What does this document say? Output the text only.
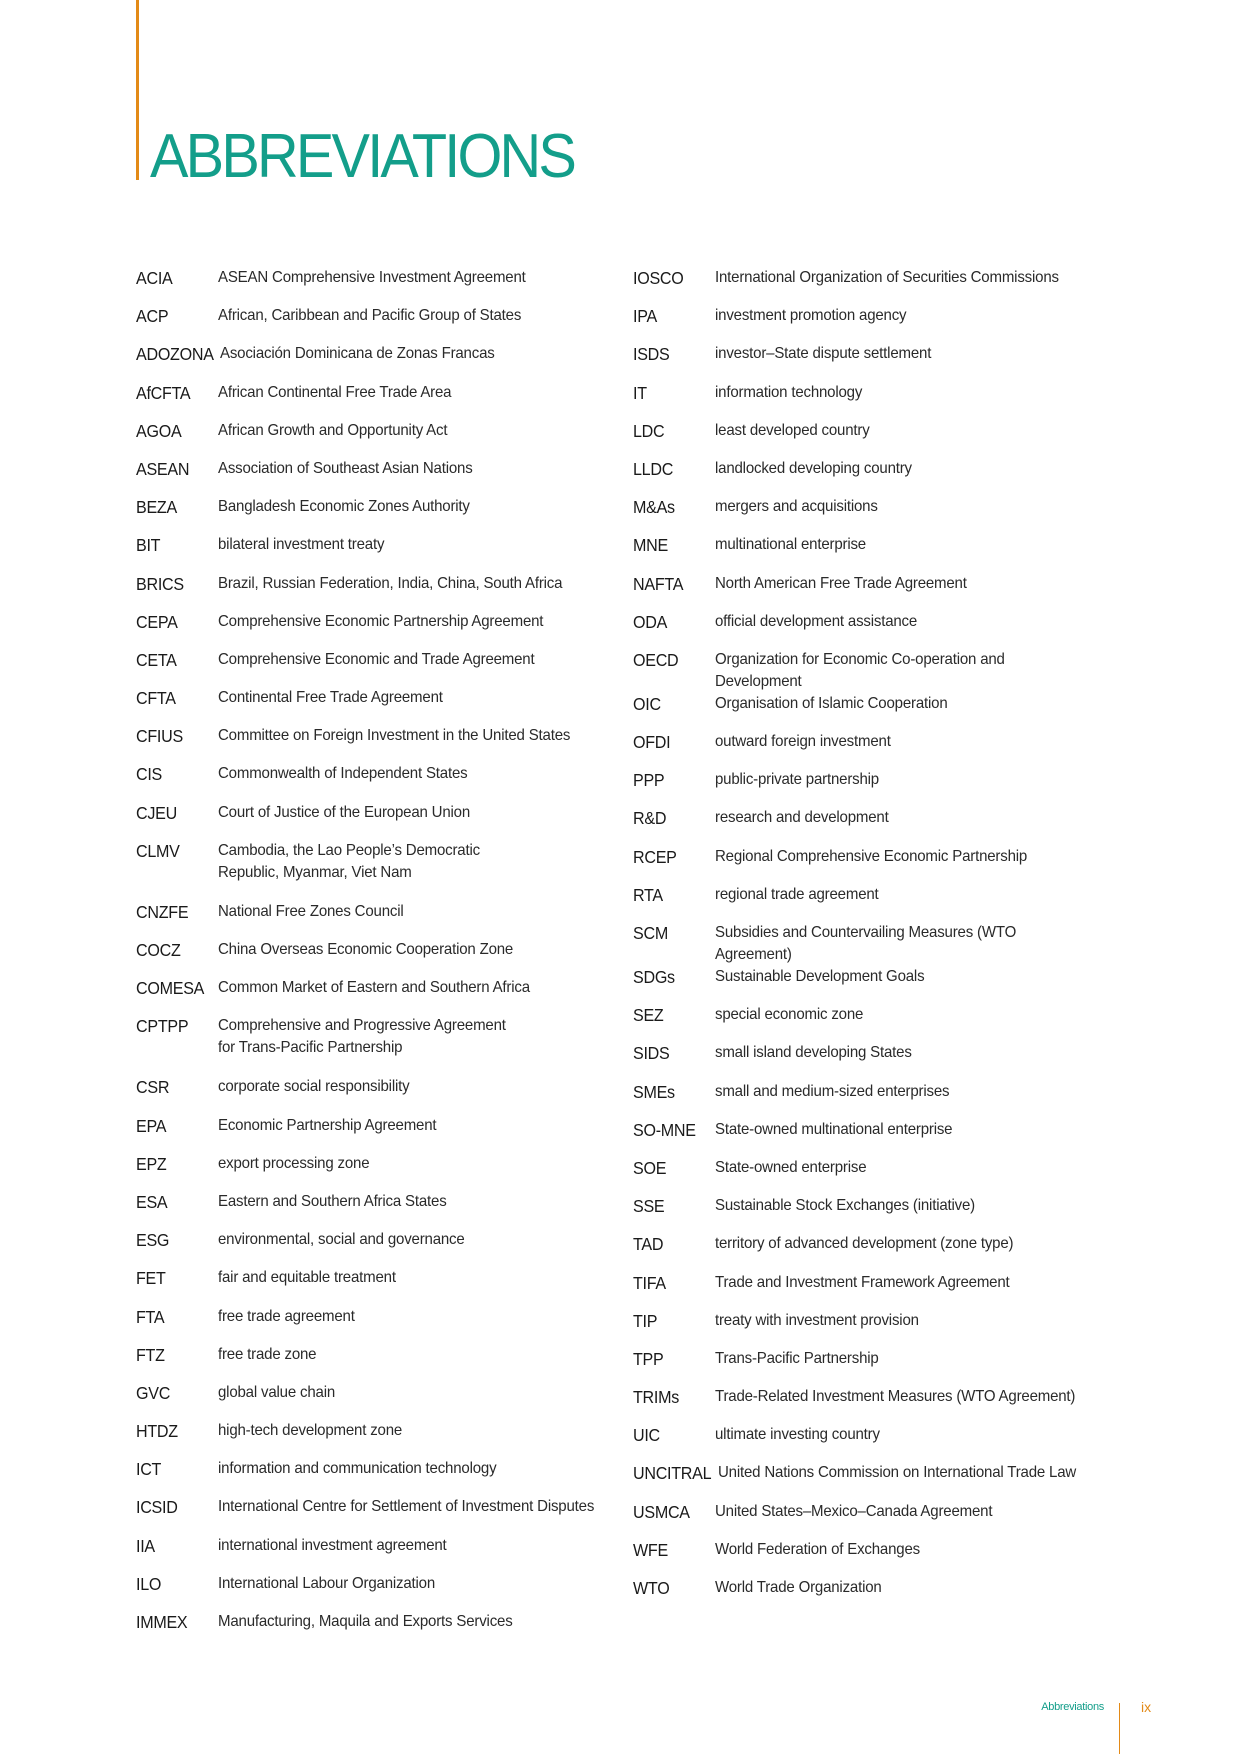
ABBREVIATIONS
ACIA	ASEAN Comprehensive Investment Agreement
ACP	African, Caribbean and Pacific Group of States
ADOZONA Asociación Dominicana de Zonas Francas
AfCFTA	African Continental Free Trade Area
AGOA	African Growth and Opportunity Act
ASEAN	Association of Southeast Asian Nations
BEZA	Bangladesh Economic Zones Authority
BIT	bilateral investment treaty
BRICS	Brazil, Russian Federation, India, China, South Africa
CEPA	Comprehensive Economic Partnership Agreement
CETA	Comprehensive Economic and Trade Agreement
CFTA	Continental Free Trade Agreement
CFIUS	Committee on Foreign Investment in the United States
CIS	Commonwealth of Independent States
CJEU	Court of Justice of the European Union
CLMV	Cambodia, the Lao People’s Democratic
Republic, Myanmar, Viet Nam
CNZFE	National Free Zones Council
COCZ	China Overseas Economic Cooperation Zone
COMESA Common Market of Eastern and Southern Africa
CPTPP	Comprehensive and Progressive Agreement
for Trans-Pacific Partnership
CSR	corporate social responsibility
EPA	Economic Partnership Agreement
EPZ	export processing zone
ESA	Eastern and Southern Africa States
ESG	environmental, social and governance
FET	fair and equitable treatment
FTA	free trade agreement
FTZ	free trade zone
GVC	global value chain
HTDZ	high-tech development zone
ICT	information and communication technology
ICSID	International Centre for Settlement of Investment Disputes
IIA	international investment agreement
ILO	International Labour Organization
IMMEX	Manufacturing, Maquila and Exports Services
IOSCO	International Organization of Securities Commissions
IPA	investment promotion agency
ISDS	investor–State dispute settlement
IT	information technology
LDC	least developed country
LLDC	landlocked developing country
M&As	mergers and acquisitions
MNE	multinational enterprise
NAFTA	North American Free Trade Agreement
ODA	official development assistance
OECD	Organization for Economic Co-operation and Development
OIC	Organisation of Islamic Cooperation
OFDI	outward foreign investment
PPP	public-private partnership
R&D	research and development
RCEP	Regional Comprehensive Economic Partnership
RTA	regional trade agreement
SCM	Subsidies and Countervailing Measures (WTO Agreement)
SDGs	Sustainable Development Goals
SEZ	special economic zone
SIDS	small island developing States
SMEs	small and medium-sized enterprises
SO-MNE	State-owned multinational enterprise
SOE	State-owned enterprise
SSE	Sustainable Stock Exchanges (initiative)
TAD	territory of advanced development (zone type)
TIFA	Trade and Investment Framework Agreement
TIP	treaty with investment provision
TPP	Trans-Pacific Partnership
TRIMs	Trade-Related Investment Measures (WTO Agreement)
UIC	ultimate investing country
UNCITRAL United Nations Commission on International Trade Law
USMCA	United States–Mexico–Canada Agreement
WFE	World Federation of Exchanges
WTO	World Trade Organization
Abbreviations	ix
